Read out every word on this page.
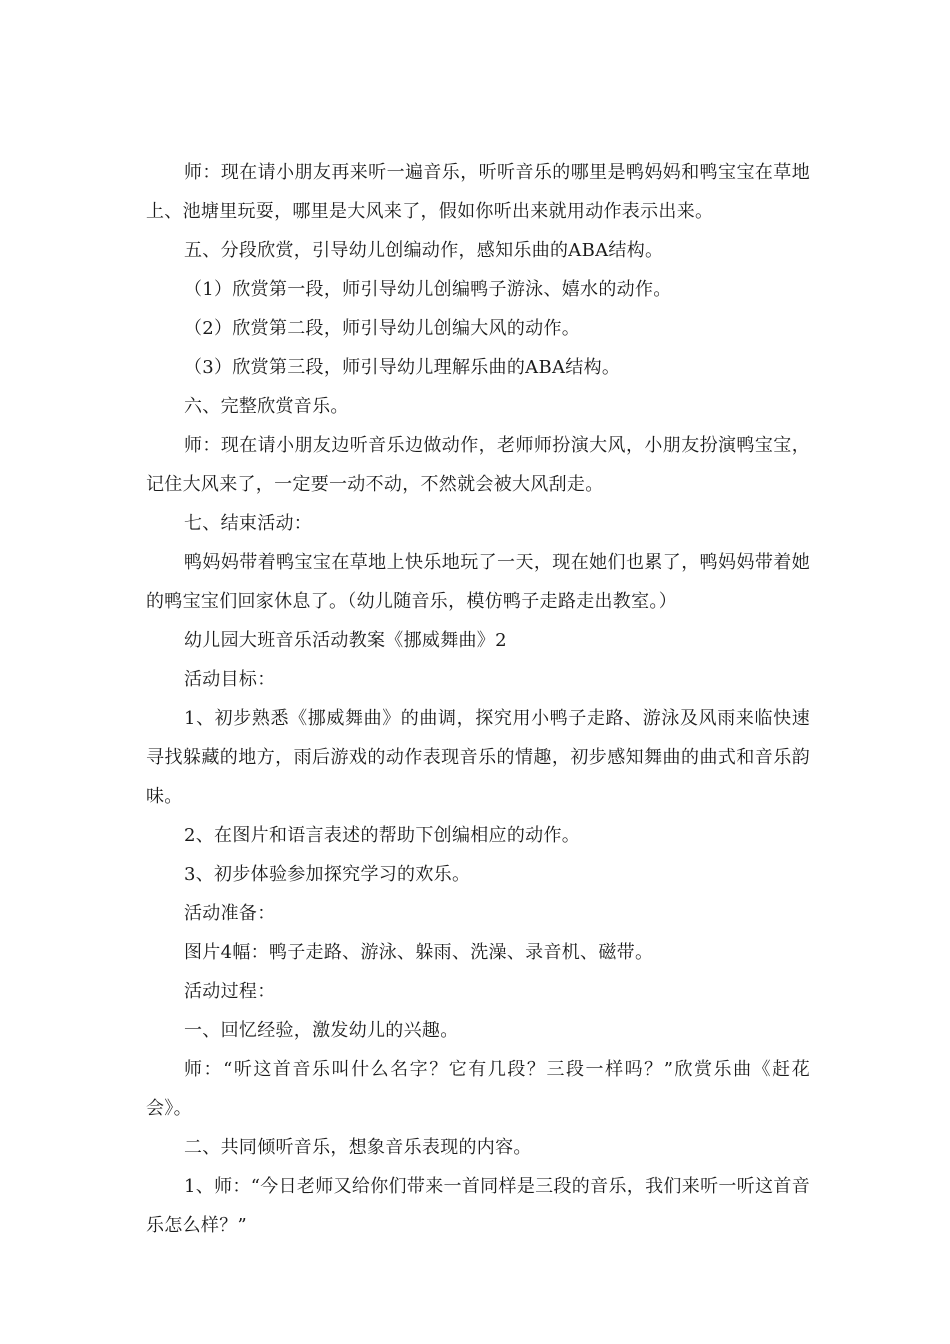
师：现在请小朋友再来听一遍音乐，听听音乐的哪里是鸭妈妈和鸭宝宝在草地上、池塘里玩耍，哪里是大风来了，假如你听出来就用动作表示出来。

五、分段欣赏，引导幼儿创编动作，感知乐曲的ABA结构。

（1）欣赏第一段，师引导幼儿创编鸭子游泳、嬉水的动作。

（2）欣赏第二段，师引导幼儿创编大风的动作。

（3）欣赏第三段，师引导幼儿理解乐曲的ABA结构。

六、完整欣赏音乐。

师：现在请小朋友边听音乐边做动作，老师师扮演大风，小朋友扮演鸭宝宝，记住大风来了，一定要一动不动，不然就会被大风刮走。

七、结束活动：

鸭妈妈带着鸭宝宝在草地上快乐地玩了一天，现在她们也累了，鸭妈妈带着她的鸭宝宝们回家休息了。（幼儿随音乐，模仿鸭子走路走出教室。）

幼儿园大班音乐活动教案《挪威舞曲》2

活动目标：

1、初步熟悉《挪威舞曲》的曲调，探究用小鸭子走路、游泳及风雨来临快速寻找躲藏的地方，雨后游戏的动作表现音乐的情趣，初步感知舞曲的曲式和音乐韵味。

2、在图片和语言表述的帮助下创编相应的动作。

3、初步体验参加探究学习的欢乐。

活动准备：

图片4幅：鸭子走路、游泳、躲雨、洗澡、录音机、磁带。

活动过程：

一、回忆经验，激发幼儿的兴趣。

师：“听这首音乐叫什么名字？它有几段？三段一样吗？”欣赏乐曲《赶花会》。

二、共同倾听音乐，想象音乐表现的内容。

1、师：“今日老师又给你们带来一首同样是三段的音乐，我们来听一听这首音乐怎么样？”
